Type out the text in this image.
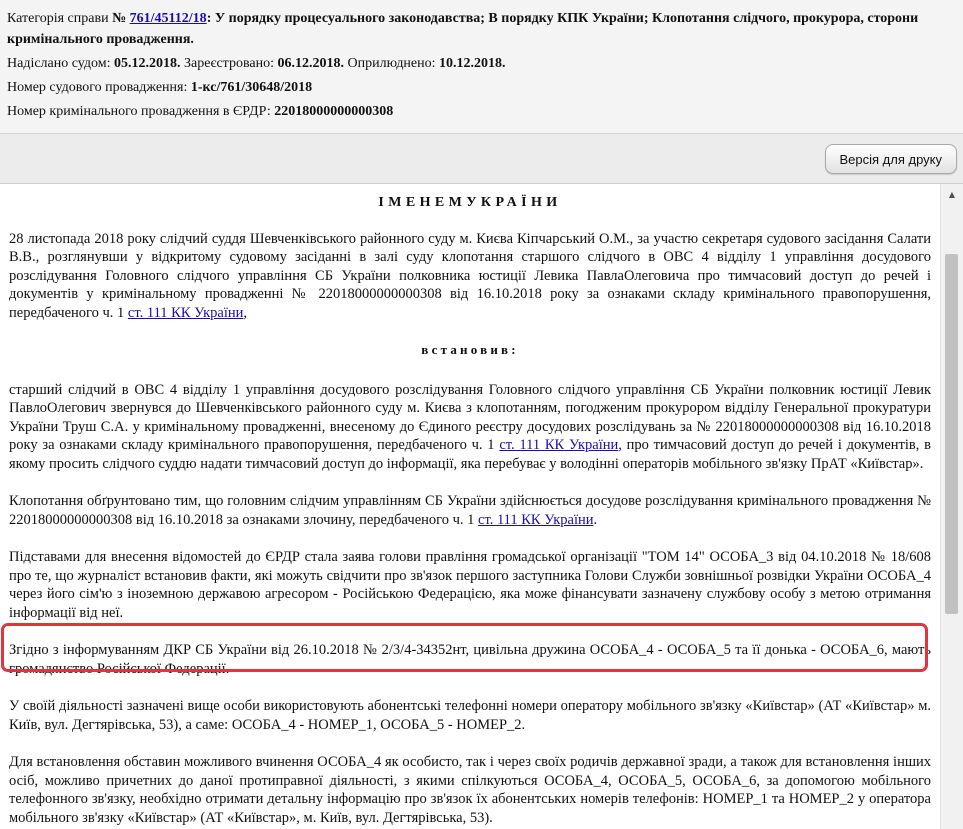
Категорія справи № 761/45112/18: У порядку процесуального законодавства; В порядку КПК України; Клопотання слідчого, прокурора, сторони кримінального провадження.
Надіслано судом: 05.12.2018. Зареєстровано: 06.12.2018. Оприлюднено: 10.12.2018.
Номер судового провадження: 1-кс/761/30648/2018
Номер кримінального провадження в ЄРДР: 22018000000000308
Версія для друку
ІМЕНЕМУКРАЇНИ

28 листопада 2018 року слідчий суддя Шевченківського районного суду м. Києва Кіпчарський О.М., за участю секретаря судового засідання Салати В.В., розглянувши у відкритому судовому засіданні в залі суду клопотання старшого слідчого в ОВС 4 відділу 1 управління досудового розслідування Головного слідчого управління СБ України полковника юстиції Левика ПавлаОлеговича про тимчасовий доступ до речей і документів у кримінальному провадженні № 22018000000000308 від 16.10.2018 року за ознаками складу кримінального правопорушення, передбаченого ч. 1 ст. 111 КК України,

встановив:

старший слідчий в ОВС 4 відділу 1 управління досудового розслідування Головного слідчого управління СБ України полковник юстиції Левик ПавлоОлегович звернувся до Шевченківського районного суду м. Києва з клопотанням, погодженим прокурором відділу Генеральної прокуратури України Труш С.А. у кримінальному провадженні, внесеному до Єдиного реєстру досудових розслідувань за № 22018000000000308 від 16.10.2018 року за ознаками складу кримінального правопорушення, передбаченого ч. 1 ст. 111 КК України, про тимчасовий доступ до речей і документів, в якому просить слідчого суддю надати тимчасовий доступ до інформації, яка перебуває у володінні операторів мобільного зв'язку ПрАТ «Київстар».

Клопотання обґрунтовано тим, що головним слідчим управлінням СБ України здійснюється досудове розслідування кримінального провадження № 22018000000000308 від 16.10.2018 за ознаками злочину, передбаченого ч. 1 ст. 111 КК України.

Підставами для внесення відомостей до ЄРДР стала заява голови правління громадської організації "ТОМ 14" ОСОБА_3 від 04.10.2018 № 18/608 про те, що журналіст встановив факти, які можуть свідчити про зв'язок першого заступника Голови Служби зовнішньої розвідки України ОСОБА_4 через його сім'ю з іноземною державою агресором - Російською Федерацією, яка може фінансувати зазначену службову особу з метою отримання інформації від неї.

Згідно з інформуванням ДКР СБ України від 26.10.2018 № 2/3/4-34352нт, цивільна дружина ОСОБА_4 - ОСОБА_5 та її донька - ОСОБА_6, мають громадянство Російської Федерації.

У своїй діяльності зазначені вище особи використовують абонентські телефонні номери оператору мобільного зв'язку «Київстар» (АТ «Київстар» м. Київ, вул. Дегтярівська, 53), а саме: ОСОБА_4 - НОМЕР_1, ОСОБА_5 - НОМЕР_2.

Для встановлення обставин можливого вчинення ОСОБА_4 як особисто, так і через своїх родичів державної зради, а також для встановлення інших осіб, можливо причетних до даної протиправної діяльності, з якими спілкуються ОСОБА_4, ОСОБА_5, ОСОБА_6, за допомогою мобільного телефонного зв'язку, необхідно отримати детальну інформацію про зв'язок їх абонентських номерів телефонів: НОМЕР_1 та НОМЕР_2 у оператора мобільного зв'язку «Київстар» (АТ «Київстар», м. Київ, вул. Дегтярівська, 53).

▲
